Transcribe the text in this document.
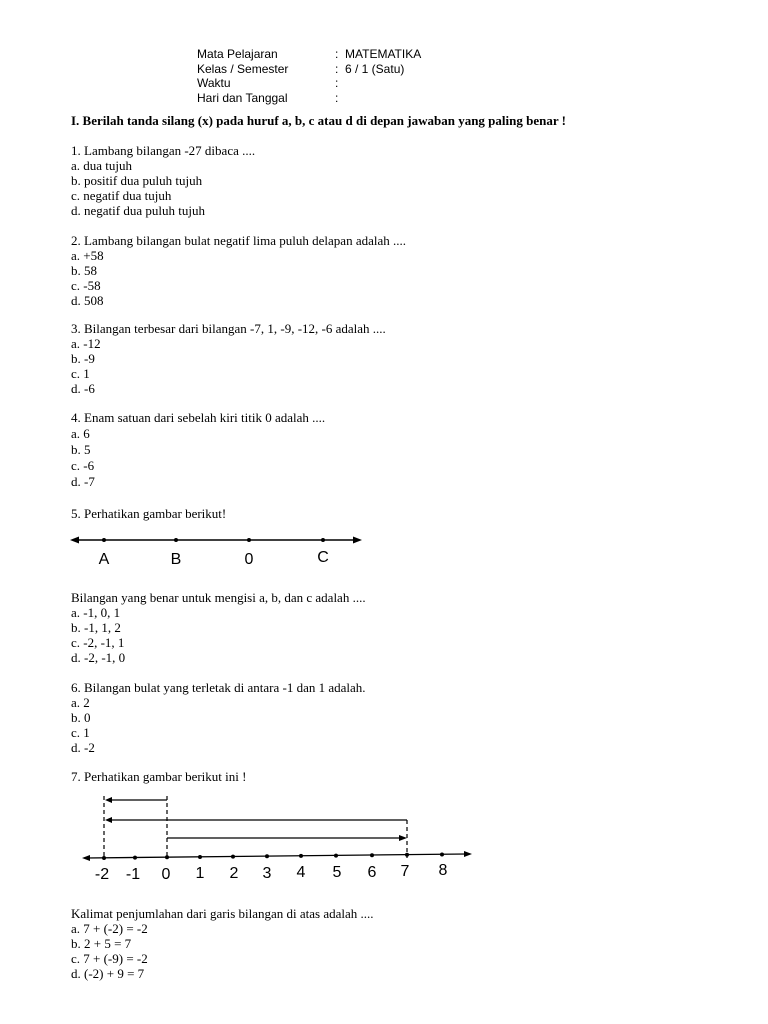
Mata Pelajaran	: MATEMATIKA
Kelas / Semester	: 6 / 1 (Satu)
Waktu	:
Hari dan Tanggal	:
I. Berilah tanda silang (x) pada huruf a, b, c atau d di depan jawaban yang paling benar !
1. Lambang bilangan -27 dibaca ....
a. dua tujuh
b. positif dua puluh tujuh
c. negatif dua tujuh
d. negatif dua puluh tujuh
2. Lambang bilangan bulat negatif lima puluh delapan adalah ....
a. +58
b. 58
c. -58
d. 508
3. Bilangan terbesar dari bilangan -7, 1, -9, -12, -6 adalah ....
a. -12
b. -9
c. 1
d. -6
4. Enam satuan dari sebelah kiri titik 0 adalah ....
a. 6
b. 5
c. -6
d. -7
5. Perhatikan gambar berikut!
A	B	0	C
Bilangan yang benar untuk mengisi a, b, dan c adalah ....
a. -1, 0, 1
b. -1, 1, 2
c. -2, -1, 1
d. -2, -1, 0
6. Bilangan bulat yang terletak di antara -1 dan 1 adalah.
a. 2
b. 0
c. 1
d. -2
7. Perhatikan gambar berikut ini !
-2 -1 0 1 2 3 4 5 6 7 8
Kalimat penjumlahan dari garis bilangan di atas adalah ....
a. 7 + (-2) = -2
b. 2 + 5 = 7
c. 7 + (-9) = -2
d. (-2) + 9 = 7
